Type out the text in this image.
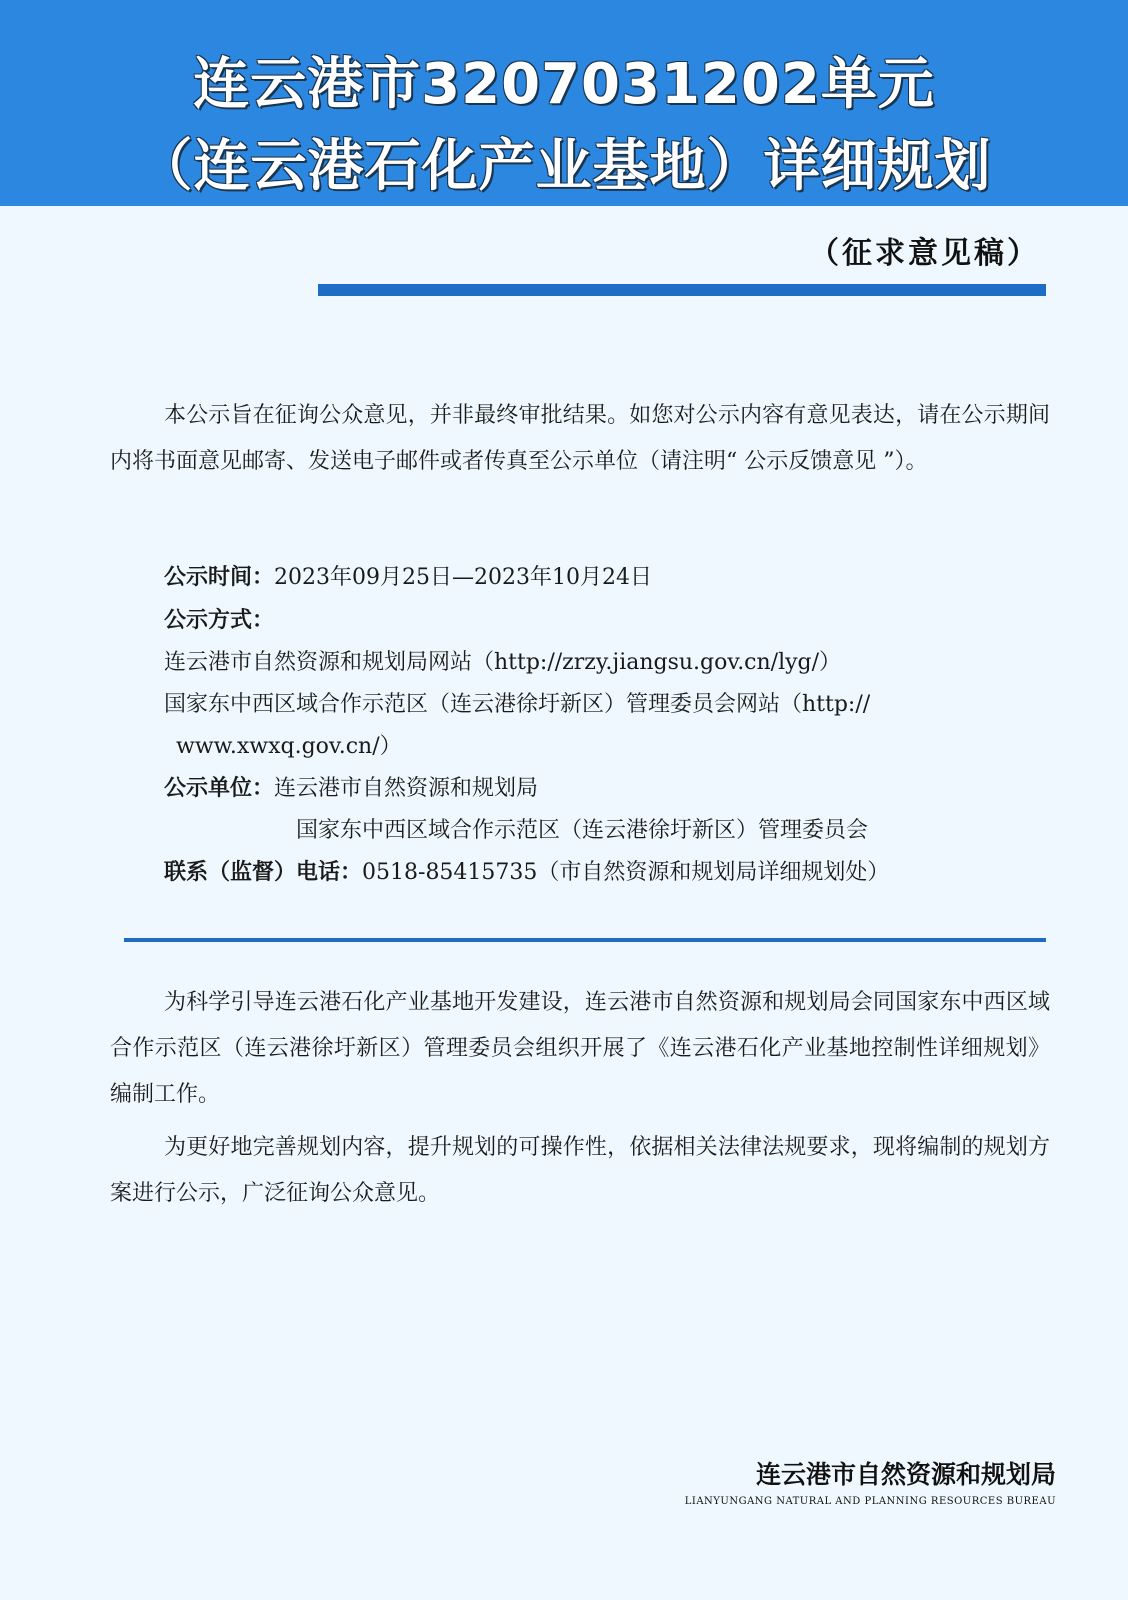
连云港市3207031202单元
（连云港石化产业基地）详细规划
（征求意见稿）
本公示旨在征询公众意见，并非最终审批结果。如您对公示内容有意见表达，请在公示期间内将书面意见邮寄、发送电子邮件或者传真至公示单位（请注明“ 公示反馈意见 ”）。
公示时间：2023年09月25日—2023年10月24日
公示方式：
连云港市自然资源和规划局网站（http://zrzy.jiangsu.gov.cn/lyg/）
国家东中西区域合作示范区（连云港徐圩新区）管理委员会网站（http://
www.xwxq.gov.cn/）
公示单位：连云港市自然资源和规划局
国家东中西区域合作示范区（连云港徐圩新区）管理委员会
联系（监督）电话：0518-85415735（市自然资源和规划局详细规划处）
为科学引导连云港石化产业基地开发建设，连云港市自然资源和规划局会同国家东中西区域合作示范区（连云港徐圩新区）管理委员会组织开展了《连云港石化产业基地控制性详细规划》编制工作。
为更好地完善规划内容，提升规划的可操作性，依据相关法律法规要求，现将编制的规划方案进行公示，广泛征询公众意见。
连云港市自然资源和规划局
LIANYUNGANG NATURAL AND PLANNING RESOURCES BUREAU
